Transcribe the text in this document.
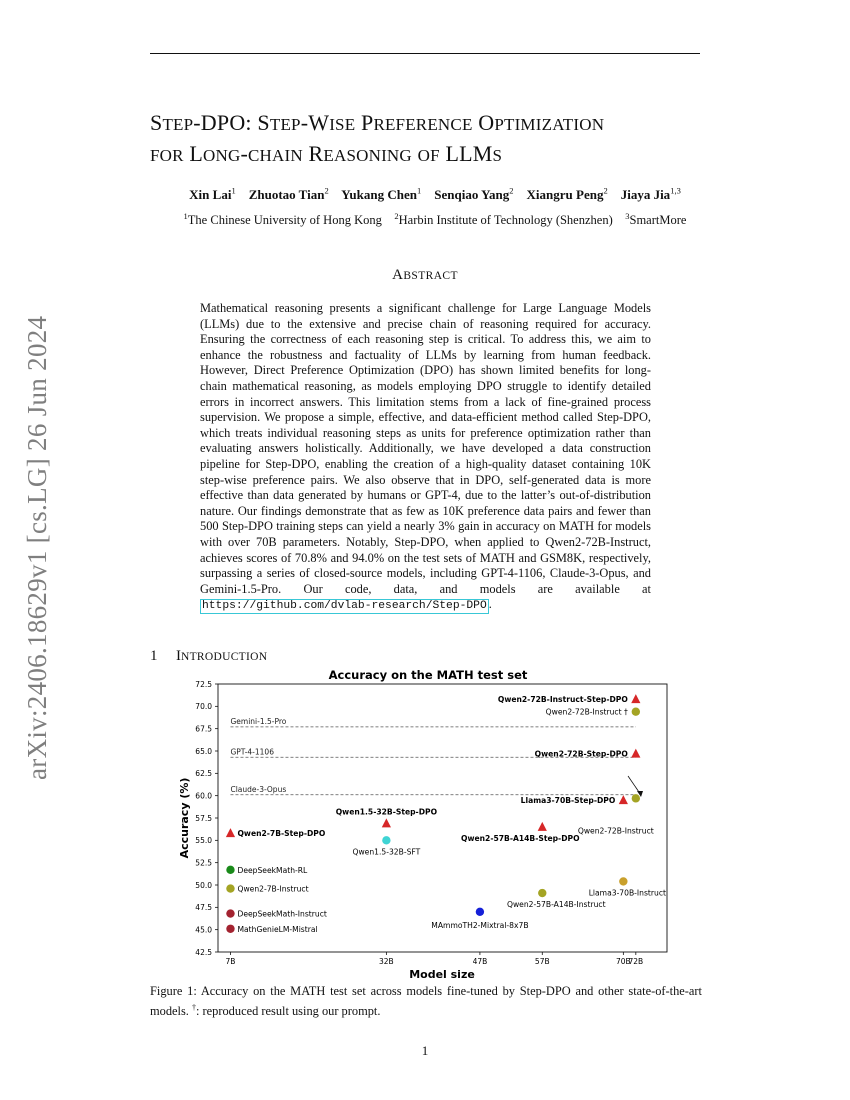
STEP-DPO: STEP-WISE PREFERENCE OPTIMIZATION
FOR LONG-CHAIN REASONING OF LLMS
Xin Lai$^1$ Zhuotao Tian$^2$ Yukang Chen$^1$ Senqiao Yang$^2$ Xiangru Peng$^2$ Jiaya Jia$^{1,3}$
$^1$The Chinese University of Hong Kong $^2$Harbin Institute of Technology (Shenzhen) $^3$SmartMore
arXiv:2406.18629v1 [cs.LG] 26 Jun 2024
ABSTRACT
Mathematical reasoning presents a significant challenge for Large Language Models (LLMs) due to the extensive and precise chain of reasoning required for accuracy. Ensuring the correctness of each reasoning step is critical. To address this, we aim to enhance the robustness and factuality of LLMs by learning from human feedback. However, Direct Preference Optimization (DPO) has shown limited benefits for long-chain mathematical reasoning, as models employing DPO struggle to identify detailed errors in incorrect answers. This limitation stems from a lack of fine-grained process supervision. We propose a simple, effective, and data-efficient method called Step-DPO, which treats individual reasoning steps as units for preference optimization rather than evaluating answers holistically. Additionally, we have developed a data construction pipeline for Step-DPO, enabling the creation of a high-quality dataset containing 10K step-wise preference pairs. We also observe that in DPO, self-generated data is more effective than data generated by humans or GPT-4, due to the latter’s out-of-distribution nature. Our findings demonstrate that as few as 10K preference data pairs and fewer than 500 Step-DPO training steps can yield a nearly 3% gain in accuracy on MATH for models with over 70B parameters. Notably, Step-DPO, when applied to Qwen2-72B-Instruct, achieves scores of 70.8% and 94.0% on the test sets of MATH and GSM8K, respectively, surpassing a series of closed-source models, including GPT-4-1106, Claude-3-Opus, and Gemini-1.5-Pro. Our code, data, and models are available at https://github.com/dvlab-research/Step-DPO .
1 INTRODUCTION
Accuracy on the MATH test set
Gemini-1.5-Pro
GPT-4-1106
Claude-3-Opus
42.5
45.0
47.5
50.0
52.5
55.0
57.5
60.0
62.5
65.0
67.5
70.0
72.5
7B	32B	47B	57B	70B
72B
Qwen2-72B-Instruct-Step-DPO
Qwen2-72B-Instruct †
Qwen2-72B-Step-DPO
Qwen2-72B-Instruct
Llama3-70B-Step-DPO
Llama3-70B-Instruct
Qwen2-57B-A14B-Step-DPO
Qwen2-57B-A14B-Instruct
MAmmoTH2-Mixtral-8x7B
Qwen1.5-32B-Step-DPO
Qwen1.5-32B-SFT
Qwen2-7B-Step-DPO
DeepSeekMath-RL
Qwen2-7B-Instruct
DeepSeekMath-Instruct
MathGenieLM-Mistral
Model size
Accuracy (%)
Figure 1: Accuracy on the MATH test set across models fine-tuned by Step-DPO and other state-of-the-art models. †: reproduced result using our prompt.
1
